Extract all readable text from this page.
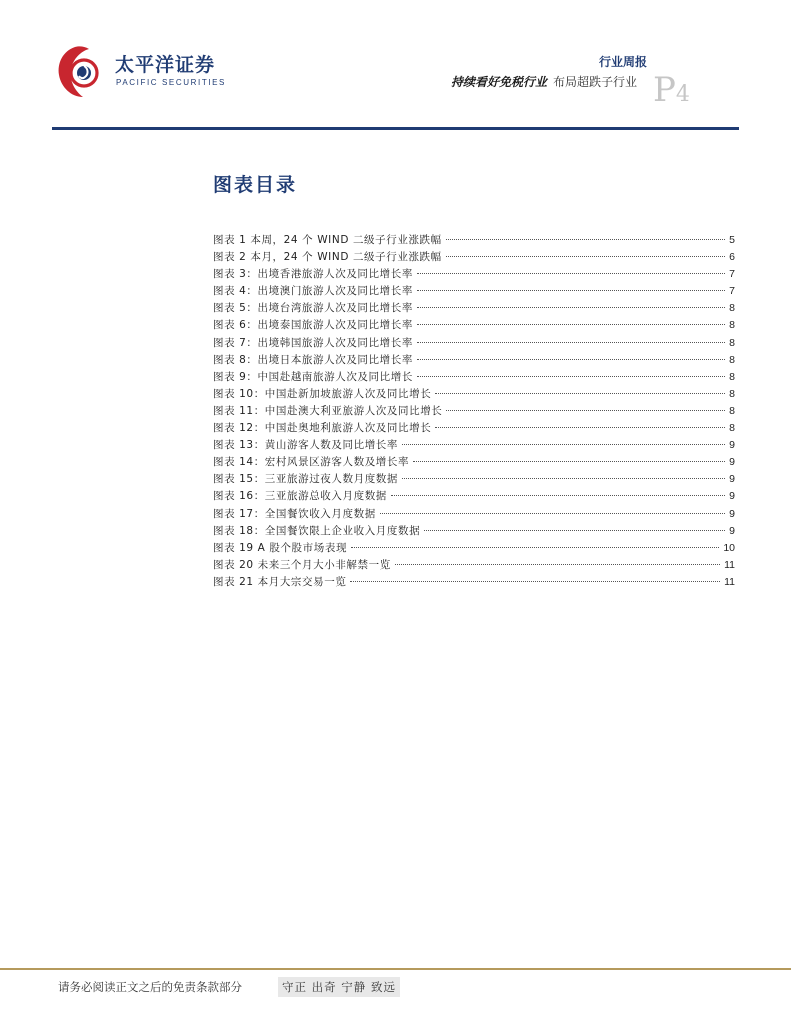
太平洋证券
PACIFIC SECURITIES
行业周报
持续看好免税行业 布局超跌子行业 P4
图表目录
图表 1 本周，24 个 WIND 二级子行业涨跌幅	5
图表 2 本月，24 个 WIND 二级子行业涨跌幅	6
图表 3：出境香港旅游人次及同比增长率	7
图表 4：出境澳门旅游人次及同比增长率	7
图表 5：出境台湾旅游人次及同比增长率	8
图表 6：出境泰国旅游人次及同比增长率	8
图表 7：出境韩国旅游人次及同比增长率	8
图表 8：出境日本旅游人次及同比增长率	8
图表 9：中国赴越南旅游人次及同比增长	8
图表 10：中国赴新加坡旅游人次及同比增长	8
图表 11：中国赴澳大利亚旅游人次及同比增长	8
图表 12：中国赴奥地利旅游人次及同比增长	8
图表 13：黄山游客人数及同比增长率	9
图表 14：宏村风景区游客人数及增长率	9
图表 15：三亚旅游过夜人数月度数据	9
图表 16：三亚旅游总收入月度数据	9
图表 17：全国餐饮收入月度数据	9
图表 18：全国餐饮限上企业收入月度数据	9
图表 19 A 股个股市场表现	10
图表 20 未来三个月大小非解禁一览	11
图表 21 本月大宗交易一览	11
请务必阅读正文之后的免责条款部分	守正 出奇 宁静 致远
